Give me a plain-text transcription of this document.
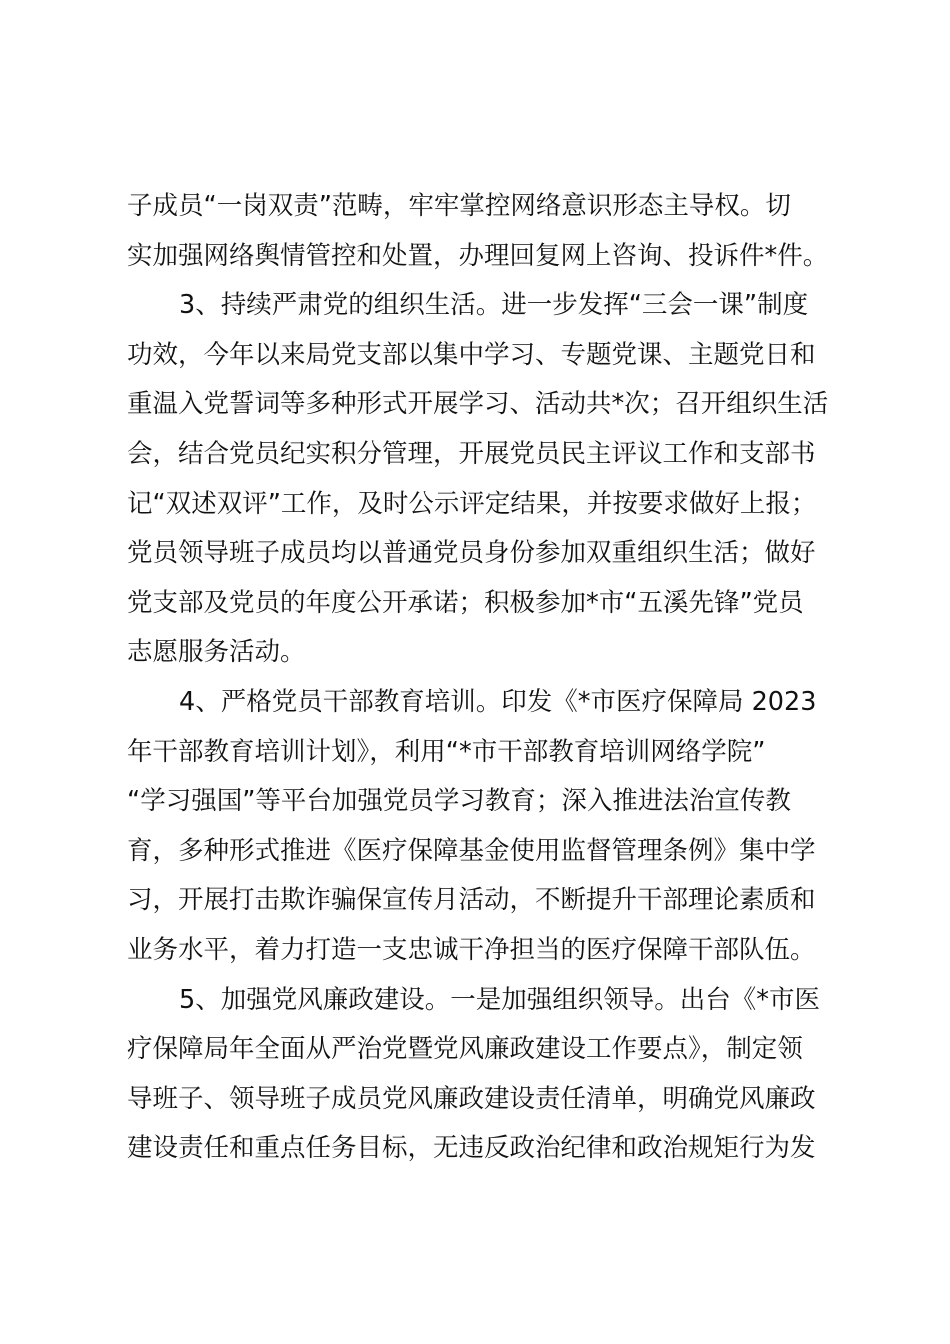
子成员“一岗双责”范畴，牢牢掌控网络意识形态主导权。切
实加强网络舆情管控和处置，办理回复网上咨询、投诉件*件。
3、持续严肃党的组织生活。进一步发挥“三会一课”制度
功效，今年以来局党支部以集中学习、专题党课、主题党日和
重温入党誓词等多种形式开展学习、活动共*次；召开组织生活
会，结合党员纪实积分管理，开展党员民主评议工作和支部书
记“双述双评”工作，及时公示评定结果，并按要求做好上报；
党员领导班子成员均以普通党员身份参加双重组织生活；做好
党支部及党员的年度公开承诺；积极参加*市“五溪先锋”党员
志愿服务活动。
4、严格党员干部教育培训。印发《*市医疗保障局 2023
年干部教育培训计划》，利用“*市干部教育培训网络学院”
“学习强国”等平台加强党员学习教育；深入推进法治宣传教
育，多种形式推进《医疗保障基金使用监督管理条例》集中学
习，开展打击欺诈骗保宣传月活动，不断提升干部理论素质和
业务水平，着力打造一支忠诚干净担当的医疗保障干部队伍。
5、加强党风廉政建设。一是加强组织领导。出台《*市医
疗保障局年全面从严治党暨党风廉政建设工作要点》，制定领
导班子、领导班子成员党风廉政建设责任清单，明确党风廉政
建设责任和重点任务目标，无违反政治纪律和政治规矩行为发
